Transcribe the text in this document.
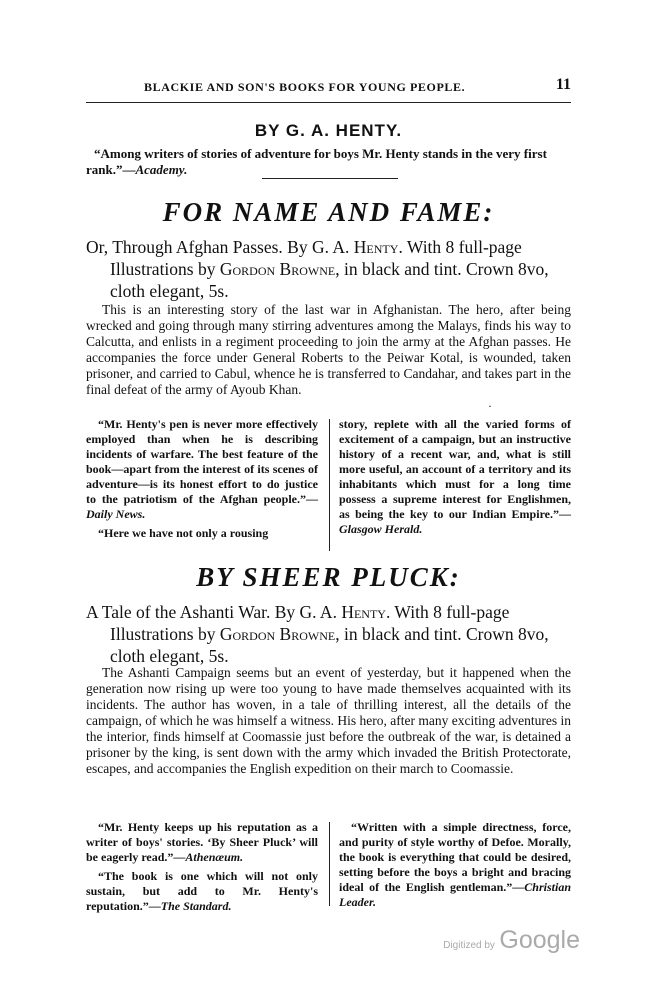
BLACKIE AND SON'S BOOKS FOR YOUNG PEOPLE.	11
BY G. A. HENTY.
“Among writers of stories of adventure for boys Mr. Henty stands in the very first rank.”—Academy.
FOR NAME AND FAME:
Or, Through Afghan Passes. By G. A. Henty. With 8 full-page Illustrations by Gordon Browne, in black and tint. Crown 8vo, cloth elegant, 5s.
This is an interesting story of the last war in Afghanistan. The hero, after being wrecked and going through many stirring adventures among the Malays, finds his way to Calcutta, and enlists in a regiment proceeding to join the army at the Afghan passes. He accompanies the force under General Roberts to the Peiwar Kotal, is wounded, taken prisoner, and carried to Cabul, whence he is transferred to Candahar, and takes part in the final defeat of the army of Ayoub Khan.
·

“Mr. Henty's pen is never more effectively employed than when he is describing incidents of warfare. The best feature of the book—apart from the interest of its scenes of adventure—is its honest effort to do justice to the patriotism of the Afghan people.”—Daily News.

“Here we have not only a rousing

story, replete with all the varied forms of excitement of a campaign, but an instructive history of a recent war, and, what is still more useful, an account of a territory and its inhabitants which must for a long time possess a supreme interest for Englishmen, as being the key to our Indian Empire.”—Glasgow Herald.

BY SHEER PLUCK:
A Tale of the Ashanti War. By G. A. Henty. With 8 full-page Illustrations by Gordon Browne, in black and tint. Crown 8vo, cloth elegant, 5s.
The Ashanti Campaign seems but an event of yesterday, but it happened when the generation now rising up were too young to have made themselves acquainted with its incidents. The author has woven, in a tale of thrilling interest, all the details of the campaign, of which he was himself a witness. His hero, after many exciting adventures in the interior, finds himself at Coomassie just before the outbreak of the war, is detained a prisoner by the king, is sent down with the army which invaded the British Protectorate, escapes, and accompanies the English expedition on their march to Coomassie.

“Mr. Henty keeps up his reputation as a writer of boys' stories. ‘By Sheer Pluck’ will be eagerly read.”—Athenæum.

“The book is one which will not only sustain, but add to Mr. Henty's reputation.”—The Standard.

“Written with a simple directness, force, and purity of style worthy of Defoe. Morally, the book is everything that could be desired, setting before the boys a bright and bracing ideal of the English gentleman.”—Christian Leader.

Digitized by Google
